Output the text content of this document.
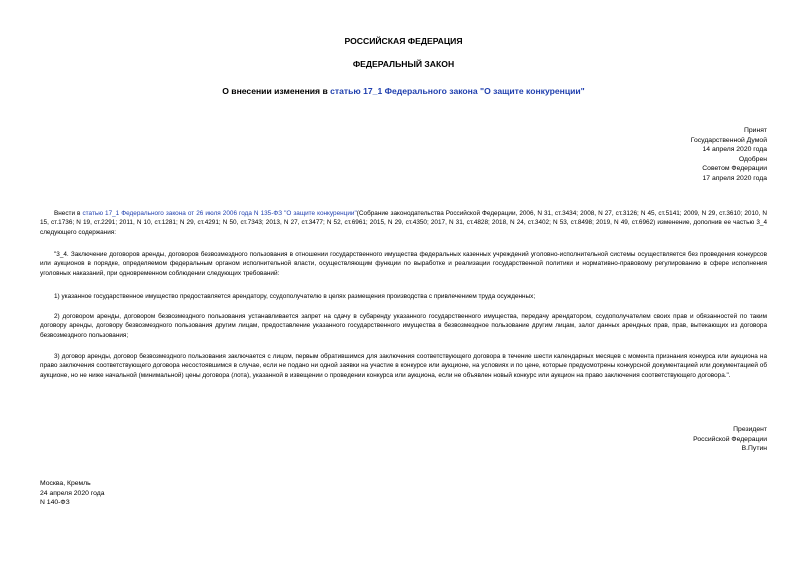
РОССИЙСКАЯ ФЕДЕРАЦИЯ
ФЕДЕРАЛЬНЫЙ ЗАКОН
О внесении изменения в статью 17_1 Федерального закона "О защите конкуренции"
Принят
Государственной Думой
14 апреля 2020 года
Одобрен
Советом Федерации
17 апреля 2020 года
Внести в статью 17_1 Федерального закона от 26 июля 2006 года N 135-ФЗ "О защите конкуренции"(Собрание законодательства Российской Федерации, 2006, N 31, ст.3434; 2008, N 27, ст.3126; N 45, ст.5141; 2009, N 29, ст.3610; 2010, N 15, ст.1736; N 19, ст.2291; 2011, N 10, ст.1281; N 29, ст.4291; N 50, ст.7343; 2013, N 27, ст.3477; N 52, ст.6961; 2015, N 29, ст.4350; 2017, N 31, ст.4828; 2018, N 24, ст.3402; N 53, ст.8498; 2019, N 49, ст.6962) изменение, дополнив ее частью 3_4 следующего содержания:
"3_4. Заключение договоров аренды, договоров безвозмездного пользования в отношении государственного имущества федеральных казенных учреждений уголовно-исполнительной системы осуществляется без проведения конкурсов или аукционов в порядке, определяемом федеральным органом исполнительной власти, осуществляющим функции по выработке и реализации государственной политики и нормативно-правовому регулированию в сфере исполнения уголовных наказаний, при одновременном соблюдении следующих требований:
1) указанное государственное имущество предоставляется арендатору, ссудополучателю в целях размещения производства с привлечением труда осужденных;
2) договором аренды, договором безвозмездного пользования устанавливается запрет на сдачу в субаренду указанного государственного имущества, передачу арендатором, ссудополучателем своих прав и обязанностей по таким договору аренды, договору безвозмездного пользования другим лицам, предоставление указанного государственного имущества в безвозмездное пользование другим лицам, залог данных арендных прав, прав, вытекающих из договора безвозмездного пользования;
3) договор аренды, договор безвозмездного пользования заключается с лицом, первым обратившимся для заключения соответствующего договора в течение шести календарных месяцев с момента признания конкурса или аукциона на право заключения соответствующего договора несостоявшимся в случае, если не подано ни одной заявки на участие в конкурсе или аукционе, на условиях и по цене, которые предусмотрены конкурсной документацией или документацией об аукционе, но не ниже начальной (минимальной) цены договора (лота), указанной в извещении о проведении конкурса или аукциона, если не объявлен новый конкурс или аукцион на право заключения соответствующего договора.".
Президент
Российской Федерации
В.Путин
Москва, Кремль
24 апреля 2020 года
N 140-ФЗ
